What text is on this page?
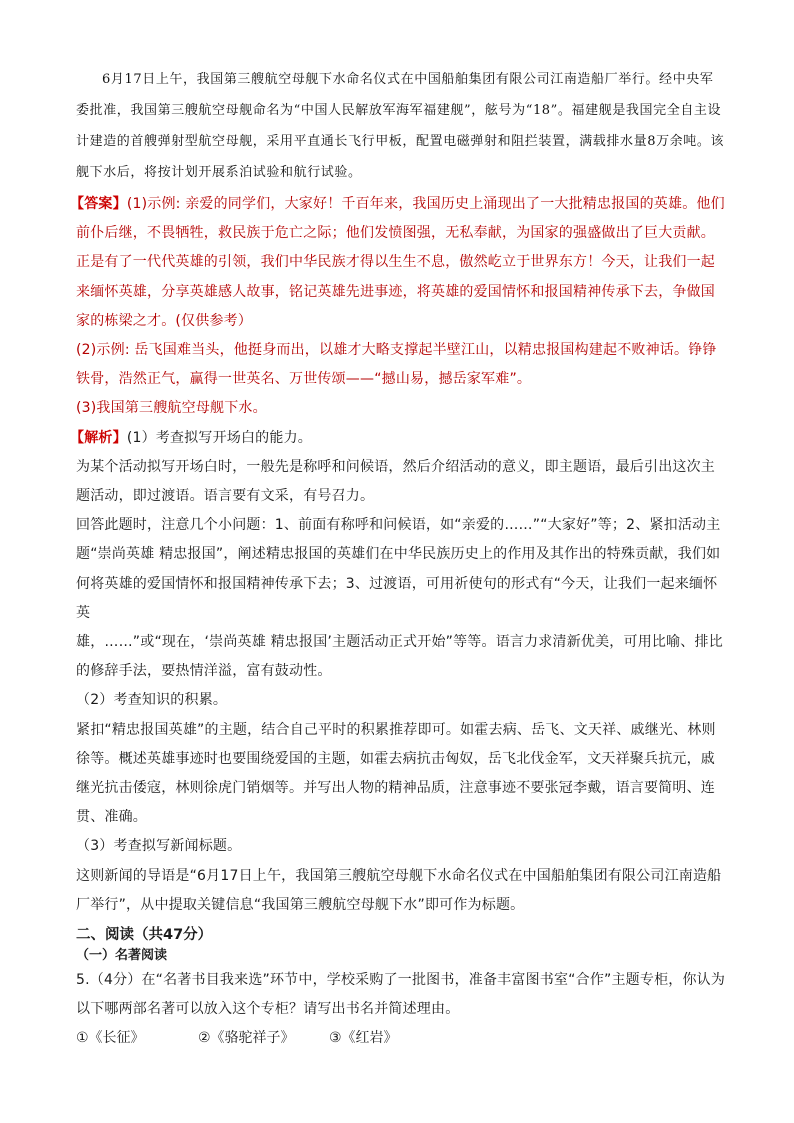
6月17日上午，我国第三艘航空母舰下水命名仪式在中国船舶集团有限公司江南造船厂举行。经中央军委批准，我国第三艘航空母舰命名为“中国人民解放军海军福建舰”，舷号为“18”。福建舰是我国完全自主设计建造的首艘弹射型航空母舰，采用平直通长飞行甲板，配置电磁弹射和阻拦装置，满载排水量8万余吨。该舰下水后，将按计划开展系泊试验和航行试验。

【答案】(1)示例: 亲爱的同学们，大家好！千百年来，我国历史上涌现出了一大批精忠报国的英雄。他们前仆后继，不畏牺牲，救民族于危亡之际；他们发愤图强，无私奉献，为国家的强盛做出了巨大贡献。正是有了一代代英雄的引领，我们中华民族才得以生生不息，傲然屹立于世界东方！今天，让我们一起来缅怀英雄，分享英雄感人故事，铭记英雄先进事迹，将英雄的爱国情怀和报国精神传承下去，争做国家的栋梁之才。(仅供参考）

(2)示例: 岳飞国难当头，他挺身而出，以雄才大略支撑起半壁江山，以精忠报国构建起不败神话。铮铮铁骨，浩然正气，赢得一世英名、万世传颂——“撼山易，撼岳家军难”。

(3)我国第三艘航空母舰下水。

【解析】(1）考查拟写开场白的能力。

为某个活动拟写开场白时，一般先是称呼和问候语，然后介绍活动的意义，即主题语，最后引出这次主题活动，即过渡语。语言要有文采，有号召力。

回答此题时，注意几个小问题：1、前面有称呼和问候语，如“亲爱的……”“大家好”等；2、紧扣活动主题“崇尚英雄 精忠报国”，阐述精忠报国的英雄们在中华民族历史上的作用及其作出的特殊贡献，我们如何将英雄的爱国情怀和报国精神传承下去；3、过渡语，可用祈使句的形式有“今天，让我们一起来缅怀英

雄，……”或“现在，‘崇尚英雄 精忠报国’主题活动正式开始”等等。语言力求清新优美，可用比喻、排比的修辞手法，要热情洋溢，富有鼓动性。

（2）考查知识的积累。

紧扣“精忠报国英雄”的主题，结合自己平时的积累推荐即可。如霍去病、岳飞、文天祥、戚继光、林则徐等。概述英雄事迹时也要围绕爱国的主题，如霍去病抗击匈奴，岳飞北伐金军，文天祥聚兵抗元，戚继光抗击倭寇，林则徐虎门销烟等。并写出人物的精神品质，注意事迹不要张冠李戴，语言要简明、连贯、准确。

（3）考查拟写新闻标题。

这则新闻的导语是“6月17日上午，我国第三艘航空母舰下水命名仪式在中国船舶集团有限公司江南造船厂举行”，从中提取关键信息“我国第三艘航空母舰下水”即可作为标题。

二、阅读（共47分）

（一）名著阅读

5.（4分）在“名著书目我来选”环节中，学校采购了一批图书，准备丰富图书室“合作”主题专柜，你认为以下哪两部名著可以放入这个专柜？请写出书名并简述理由。

①《长征》	②《骆驼祥子》	③《红岩》
